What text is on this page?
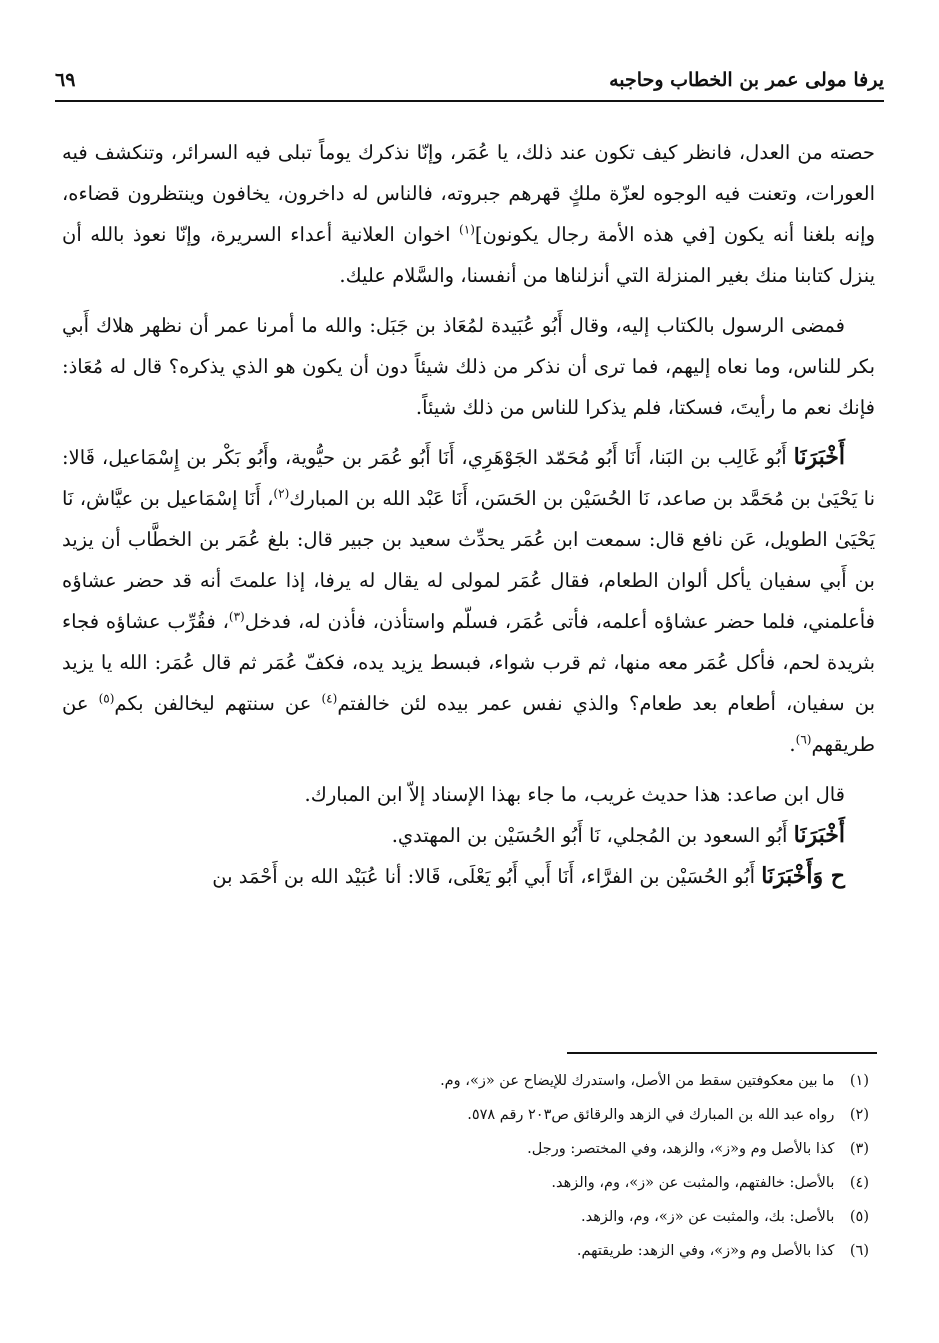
يرفا مولى عمر بن الخطاب وحاجبه
٦٩

حصته من العدل، فانظر كيف تكون عند ذلك، يا عُمَر، وإنّا نذكرك يوماً تبلى فيه السرائر، وتنكشف فيه العورات، وتعنت فيه الوجوه لعزّة ملكٍ قهرهم جبروته، فالناس له داخرون، يخافون وينتظرون قضاءه، وإنه بلغنا أنه يكون [في هذه الأمة رجال يكونون]$^{(١)}$ اخوان العلانية أعداء السريرة، وإنّا نعوذ بالله أن ينزل كتابنا منك بغير المنزلة التي أنزلناها من أنفسنا، والسَّلام عليك.

فمضى الرسول بالكتاب إليه، وقال أَبُو عُبَيدة لمُعَاذ بن جَبَل: والله ما أمرنا عمر أن نظهر هلاك أَبي بكر للناس، وما نعاه إليهم، فما ترى أن نذكر من ذلك شيئاً دون أن يكون هو الذي يذكره؟ قال له مُعَاذ: فإنك نعم ما رأيتَ، فسكتا، فلم يذكرا للناس من ذلك شيئاً.

أَخْبَرَنَا أَبُو غَالِب بن البَنا، أَنَا أَبُو مُحَمّد الجَوْهَرِي، أَنَا أَبُو عُمَر بن حيُّوية، وأَبُو بَكْر بن إِسْمَاعيل، قَالا: نا يَحْيَىٰ بن مُحَمَّد بن صاعد، نَا الحُسَيْن بن الحَسَن، أَنَا عَبْد الله بن المبارك$^{(٢)}$، أَنَا إسْمَاعيل بن عيَّاش، نَا يَحْيَىٰ الطويل، عَن نافع قال: سمعت ابن عُمَر يحدِّث سعيد بن جبير قال: بلغ عُمَر بن الخطَّاب أن يزيد بن أَبي سفيان يأكل ألوان الطعام، فقال عُمَر لمولى له يقال له يرفا، إذا علمتَ أنه قد حضر عشاؤه فأعلمني، فلما حضر عشاؤه أعلمه، فأتى عُمَر، فسلّم واستأذن، فأذن له، فدخل$^{(٣)}$، فقُرِّب عشاؤه فجاء بثريدة لحم، فأكل عُمَر معه منها، ثم قرب شواء، فبسط يزيد يده، فكفّ عُمَر ثم قال عُمَر: الله يا يزيد بن سفيان، أطعام بعد طعام؟ والذي نفس عمر بيده لئن خالفتم$^{(٤)}$ عن سنتهم ليخالفن بكم$^{(٥)}$ عن طريقهم$^{(٦)}$.

قال ابن صاعد: هذا حديث غريب، ما جاء بهذا الإسناد إلاّ ابن المبارك.

أَخْبَرَنَا أَبُو السعود بن المُجلي، نَا أَبُو الحُسَيْن بن المهتدي.

ح وَأَخْبَرَنَا أَبُو الحُسَيْن بن الفرَّاء، أَنَا أَبي أَبُو يَعْلَى، قَالا: أنا عُبَيْد الله بن أَحْمَد بن

(١) ما بين معكوفتين سقط من الأصل، واستدرك للإيضاح عن «ز»، وم.

(٢) رواه عبد الله بن المبارك في الزهد والرقائق ص٢٠٣ رقم ٥٧٨.

(٣) كذا بالأصل وم و«ز»، والزهد، وفي المختصر: ورجل.

(٤) بالأصل: خالفتهم، والمثبت عن «ز»، وم، والزهد.

(٥) بالأصل: بك، والمثبت عن «ز»، وم، والزهد.

(٦) كذا بالأصل وم و«ز»، وفي الزهد: طريقتهم.
